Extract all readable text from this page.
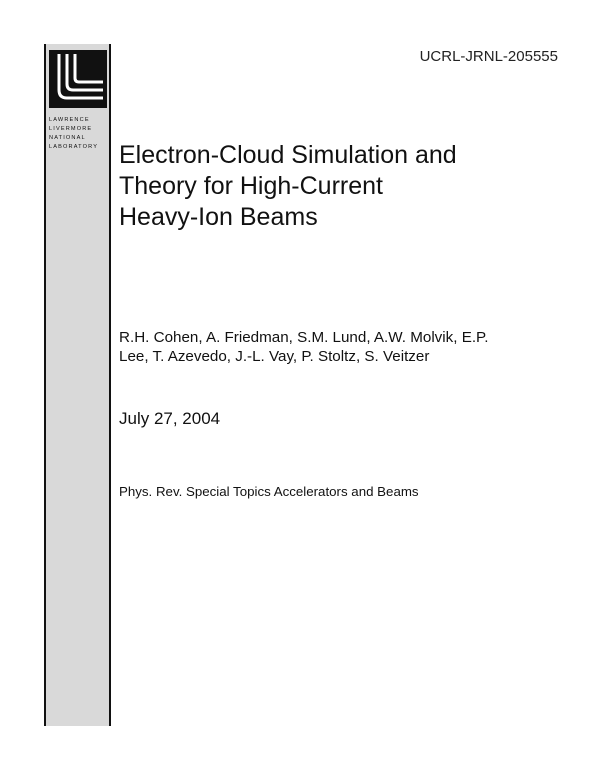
LAWRENCE
LIVERMORE
NATIONAL
LABORATORY
UCRL-JRNL-205555
Electron-Cloud Simulation and
Theory for High-Current
Heavy-Ion Beams
R.H. Cohen, A. Friedman, S.M. Lund, A.W. Molvik, E.P.
Lee, T. Azevedo, J.-L. Vay, P. Stoltz, S. Veitzer
July 27, 2004
Phys. Rev. Special Topics Accelerators and Beams
